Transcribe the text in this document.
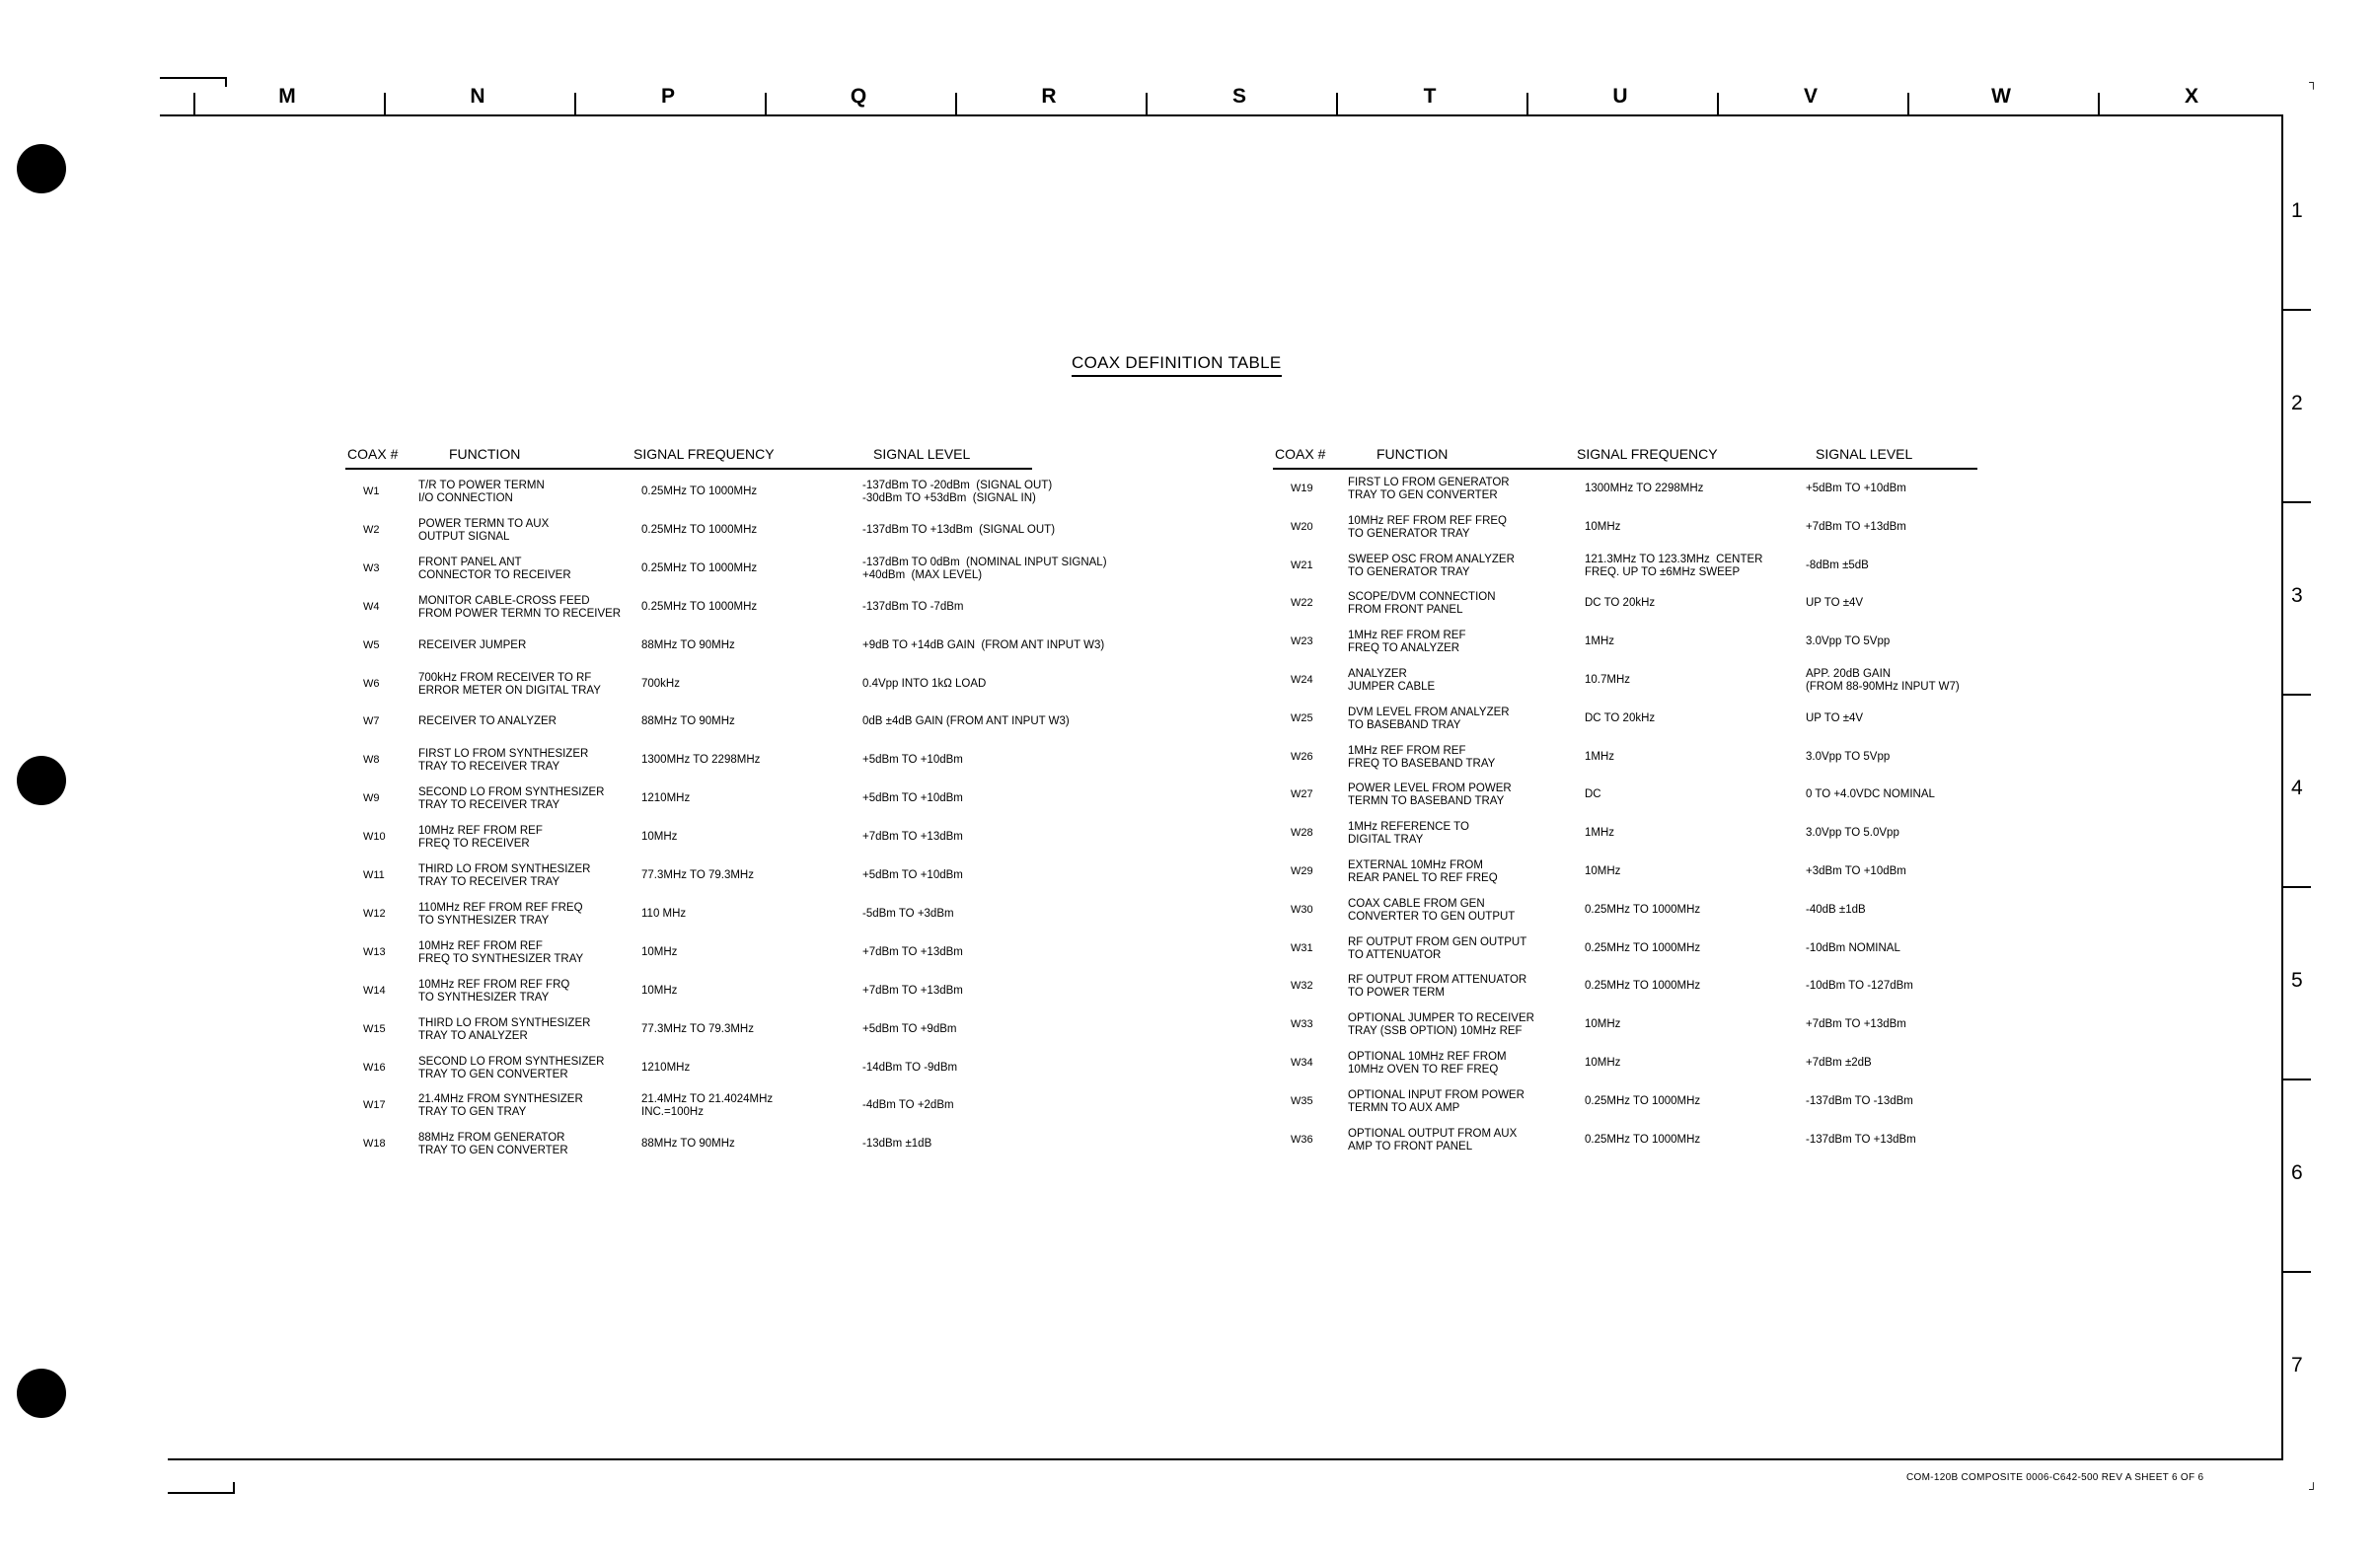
┐
┘
M	N	P	Q	R	S	T	U	V	W	X
1
2
3
4
5
6
7
COAX DEFINITION TABLE
COAX #	FUNCTION	SIGNAL FREQUENCY	SIGNAL LEVEL	COAX #	FUNCTION	SIGNAL FREQUENCY	SIGNAL LEVEL
W1	T/R TO POWER TERMN
I/O CONNECTION
0.25MHz TO 1000MHz	-137dBm TO -20dBm  (SIGNAL OUT)
-30dBm TO +53dBm  (SIGNAL IN)
W2	POWER TERMN TO AUX
OUTPUT SIGNAL
0.25MHz TO 1000MHz	-137dBm TO +13dBm  (SIGNAL OUT)
W3	FRONT PANEL ANT
CONNECTOR TO RECEIVER
0.25MHz TO 1000MHz	-137dBm TO 0dBm  (NOMINAL INPUT SIGNAL)
+40dBm  (MAX LEVEL)
W4	MONITOR CABLE-CROSS FEED
FROM POWER TERMN TO RECEIVER
0.25MHz TO 1000MHz	-137dBm TO -7dBm
W5	RECEIVER JUMPER	88MHz TO 90MHz	+9dB TO +14dB GAIN  (FROM ANT INPUT W3)
W6	700kHz FROM RECEIVER TO RF
ERROR METER ON DIGITAL TRAY
700kHz	0.4Vpp INTO 1kΩ LOAD
W7	RECEIVER TO ANALYZER	88MHz TO 90MHz	0dB ±4dB GAIN (FROM ANT INPUT W3)
W8	FIRST LO FROM SYNTHESIZER
TRAY TO RECEIVER TRAY
1300MHz TO 2298MHz	+5dBm TO +10dBm
W9	SECOND LO FROM SYNTHESIZER
TRAY TO RECEIVER TRAY
1210MHz	+5dBm TO +10dBm
W10	10MHz REF FROM REF
FREQ TO RECEIVER
10MHz	+7dBm TO +13dBm
W11	THIRD LO FROM SYNTHESIZER
TRAY TO RECEIVER TRAY
77.3MHz TO 79.3MHz	+5dBm TO +10dBm
W12	110MHz REF FROM REF FREQ
TO SYNTHESIZER TRAY
110 MHz	-5dBm TO +3dBm
W13	10MHz REF FROM REF
FREQ TO SYNTHESIZER TRAY
10MHz	+7dBm TO +13dBm
W14	10MHz REF FROM REF FRQ
TO SYNTHESIZER TRAY
10MHz	+7dBm TO +13dBm
W15	THIRD LO FROM SYNTHESIZER
TRAY TO ANALYZER
77.3MHz TO 79.3MHz	+5dBm TO +9dBm
W16	SECOND LO FROM SYNTHESIZER
TRAY TO GEN CONVERTER
1210MHz	-14dBm TO -9dBm
W17	21.4MHz FROM SYNTHESIZER
TRAY TO GEN TRAY
21.4MHz TO 21.4024MHz
INC.=100Hz
-4dBm TO +2dBm
W18	88MHz FROM GENERATOR
TRAY TO GEN CONVERTER
88MHz TO 90MHz	-13dBm ±1dB
W19	FIRST LO FROM GENERATOR
TRAY TO GEN CONVERTER
1300MHz TO 2298MHz	+5dBm TO +10dBm
W20	10MHz REF FROM REF FREQ
TO GENERATOR TRAY
10MHz	+7dBm TO +13dBm
W21	SWEEP OSC FROM ANALYZER
TO GENERATOR TRAY
121.3MHz TO 123.3MHz  CENTER
FREQ. UP TO ±6MHz SWEEP
-8dBm ±5dB
W22	SCOPE/DVM CONNECTION
FROM FRONT PANEL
DC TO 20kHz	UP TO ±4V
W23	1MHz REF FROM REF
FREQ TO ANALYZER
1MHz	3.0Vpp TO 5Vpp
W24	ANALYZER
JUMPER CABLE
10.7MHz	APP. 20dB GAIN
(FROM 88-90MHz INPUT W7)
W25	DVM LEVEL FROM ANALYZER
TO BASEBAND TRAY
DC TO 20kHz	UP TO ±4V
W26	1MHz REF FROM REF
FREQ TO BASEBAND TRAY
1MHz	3.0Vpp TO 5Vpp
W27	POWER LEVEL FROM POWER
TERMN TO BASEBAND TRAY
DC	0 TO +4.0VDC NOMINAL
W28	1MHz REFERENCE TO
DIGITAL TRAY
1MHz	3.0Vpp TO 5.0Vpp
W29	EXTERNAL 10MHz FROM
REAR PANEL TO REF FREQ
10MHz	+3dBm TO +10dBm
W30	COAX CABLE FROM GEN
CONVERTER TO GEN OUTPUT
0.25MHz TO 1000MHz	-40dB ±1dB
W31	RF OUTPUT FROM GEN OUTPUT
TO ATTENUATOR
0.25MHz TO 1000MHz	-10dBm NOMINAL
W32	RF OUTPUT FROM ATTENUATOR
TO POWER TERM
0.25MHz TO 1000MHz	-10dBm TO -127dBm
W33	OPTIONAL JUMPER TO RECEIVER
TRAY (SSB OPTION) 10MHz REF
10MHz	+7dBm TO +13dBm
W34	OPTIONAL 10MHz REF FROM
10MHz OVEN TO REF FREQ
10MHz	+7dBm ±2dB
W35	OPTIONAL INPUT FROM POWER
TERMN TO AUX AMP
0.25MHz TO 1000MHz	-137dBm TO -13dBm
W36	OPTIONAL OUTPUT FROM AUX
AMP TO FRONT PANEL
0.25MHz TO 1000MHz	-137dBm TO +13dBm
COM-120B COMPOSITE 0006-C642-500 REV A SHEET 6 OF 6
